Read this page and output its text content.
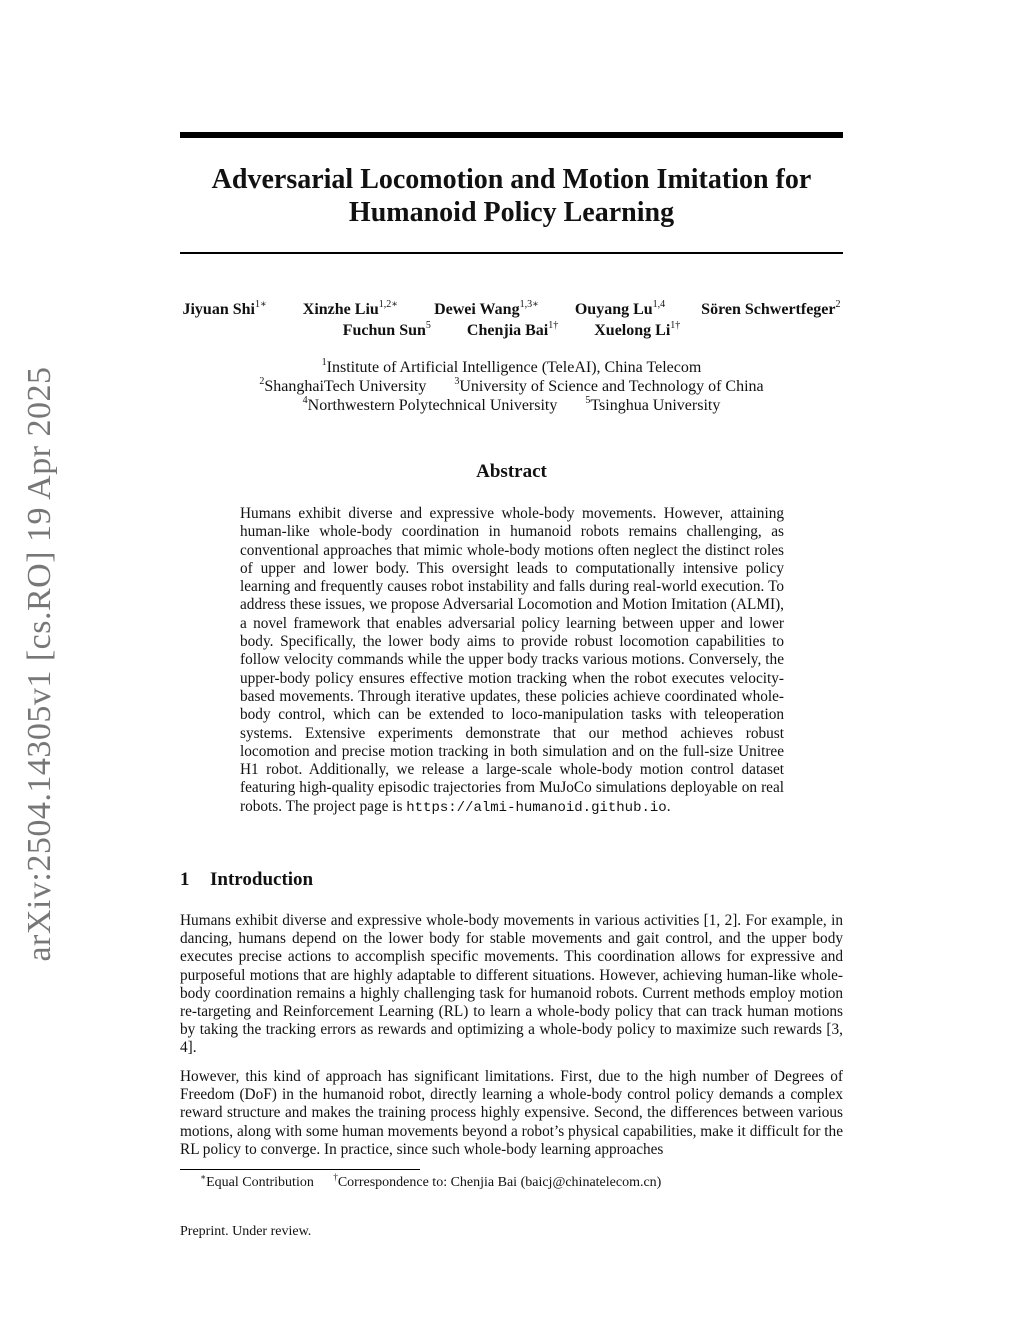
arXiv:2504.14305v1 [cs.RO] 19 Apr 2025
Adversarial Locomotion and Motion Imitation for
Humanoid Policy Learning
Jiyuan Shi$^{1∗}$ Xinzhe Liu$^{1,2∗}$ Dewei Wang$^{1,3∗}$ Ouyang Lu$^{1,4}$ Sören Schwertfeger$^2$
Fuchun Sun$^5$ Chenjia Bai$^{1\dagger}$ Xuelong $Li^{1\dagger}$
$^1$Institute of Artificial Intelligence (TeleAI), China Telecom
$^2$ShanghaiTech University	$^3$University of Science and Technology of China
$^4$Northwestern Polytechnical University	$^5$Tsinghua University
Abstract

Humans exhibit diverse and expressive whole-body movements. However, attaining human-like whole-body coordination in humanoid robots remains challenging, as conventional approaches that mimic whole-body motions often neglect the distinct roles of upper and lower body. This oversight leads to computationally intensive policy learning and frequently causes robot instability and falls during real-world execution. To address these issues, we propose Adversarial Locomotion and Motion Imitation (ALMI), a novel framework that enables adversarial policy learning between upper and lower body. Specifically, the lower body aims to provide robust locomotion capabilities to follow velocity commands while the upper body tracks various motions. Conversely, the upper-body policy ensures effective motion tracking when the robot executes velocity-based movements. Through iterative updates, these policies achieve coordinated whole-body control, which can be extended to loco-manipulation tasks with teleoperation systems. Extensive experiments demonstrate that our method achieves robust locomotion and precise motion tracking in both simulation and on the full-size Unitree H1 robot. Additionally, we release a large-scale whole-body motion control dataset featuring high-quality episodic trajectories from MuJoCo simulations deployable on real robots. The project page is https://almi-humanoid.github.io.

1 Introduction

Humans exhibit diverse and expressive whole-body movements in various activities [1, 2]. For example, in dancing, humans depend on the lower body for stable movements and gait control, and the upper body executes precise actions to accomplish specific movements. This coordination allows for expressive and purposeful motions that are highly adaptable to different situations. However, achieving human-like whole-body coordination remains a highly challenging task for humanoid robots. Current methods employ motion re-targeting and Reinforcement Learning (RL) to learn a whole-body policy that can track human motions by taking the tracking errors as rewards and optimizing a whole-body policy to maximize such rewards [3, 4].

However, this kind of approach has significant limitations. First, due to the high number of Degrees of Freedom (DoF) in the humanoid robot, directly learning a whole-body control policy demands a complex reward structure and makes the training process highly expensive. Second, the differences between various motions, along with some human movements beyond a robot’s physical capabilities, make it difficult for the RL policy to converge. In practice, since such whole-body learning approaches

∗Equal Contribution †Correspondence to: Chenjia Bai (baicj@chinatelecom.cn)
Preprint. Under review.
